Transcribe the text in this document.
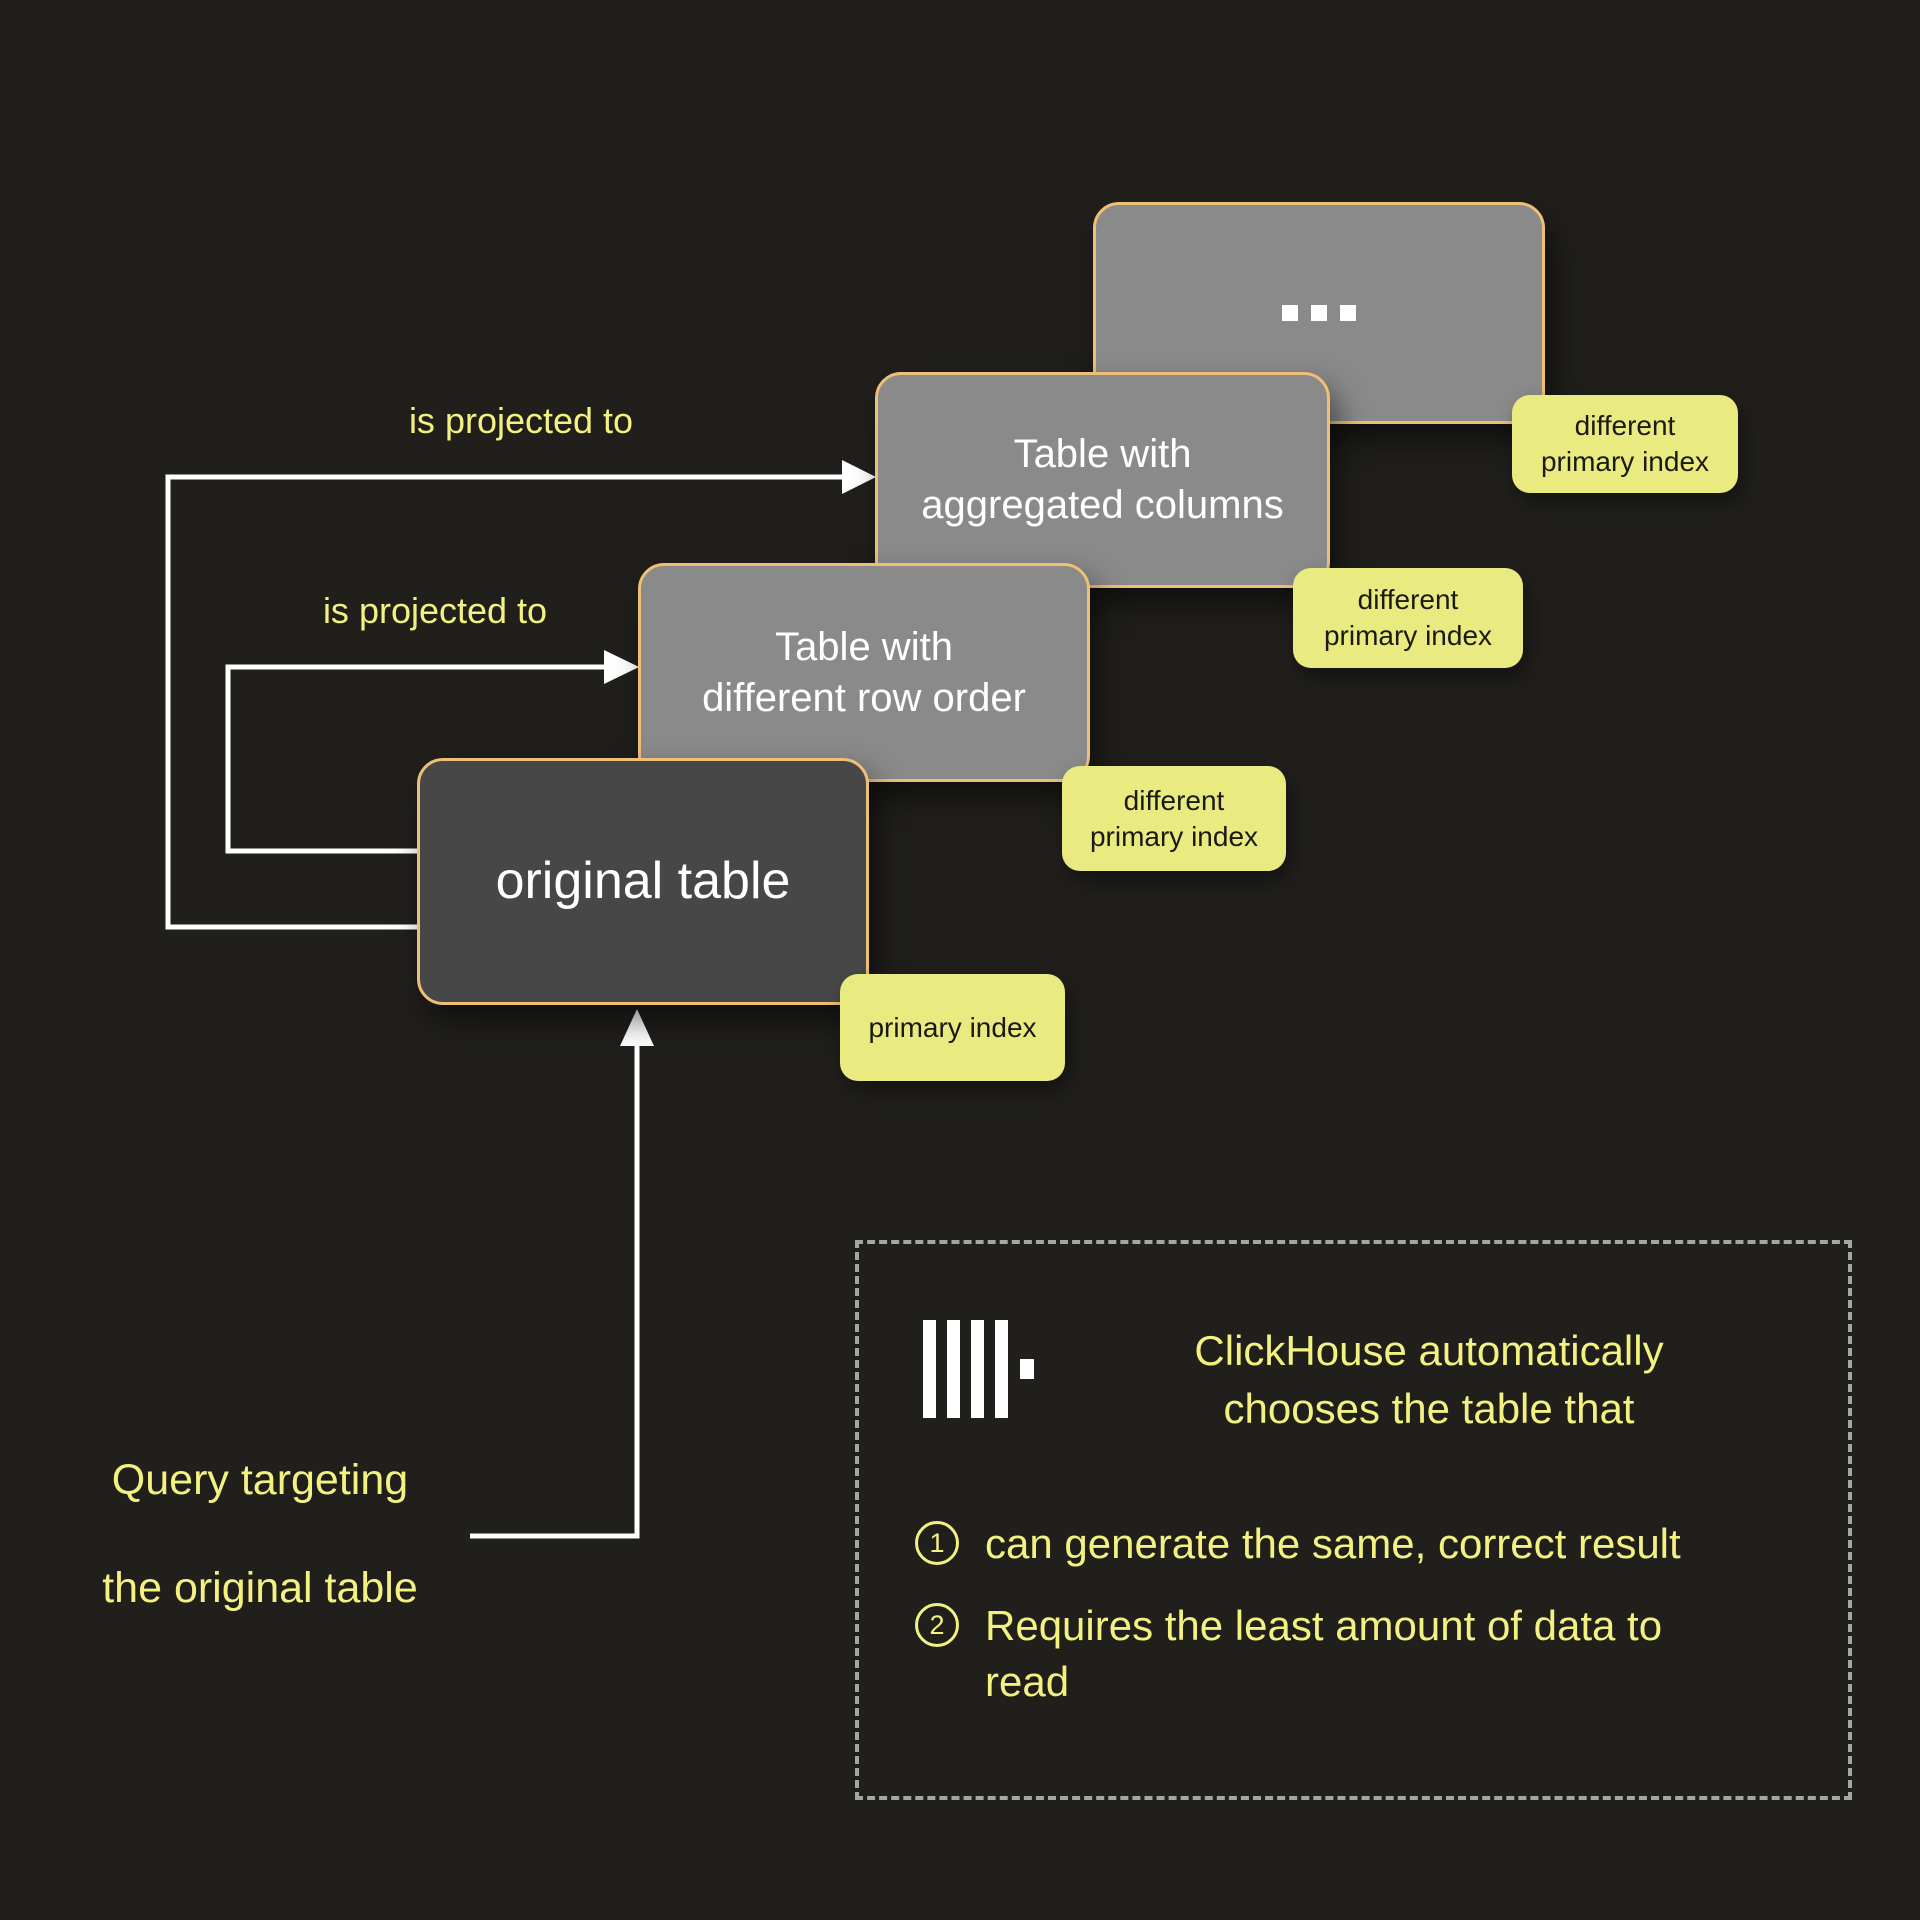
Table with
aggregated columns
Table with
different row order
original table
different
primary index
different
primary index
different
primary index
primary index
is projected to
is projected to
Query targeting
the original table
ClickHouse automatically
chooses the table that
1 can generate the same, correct result
2 Requires the least amount of data to
read
